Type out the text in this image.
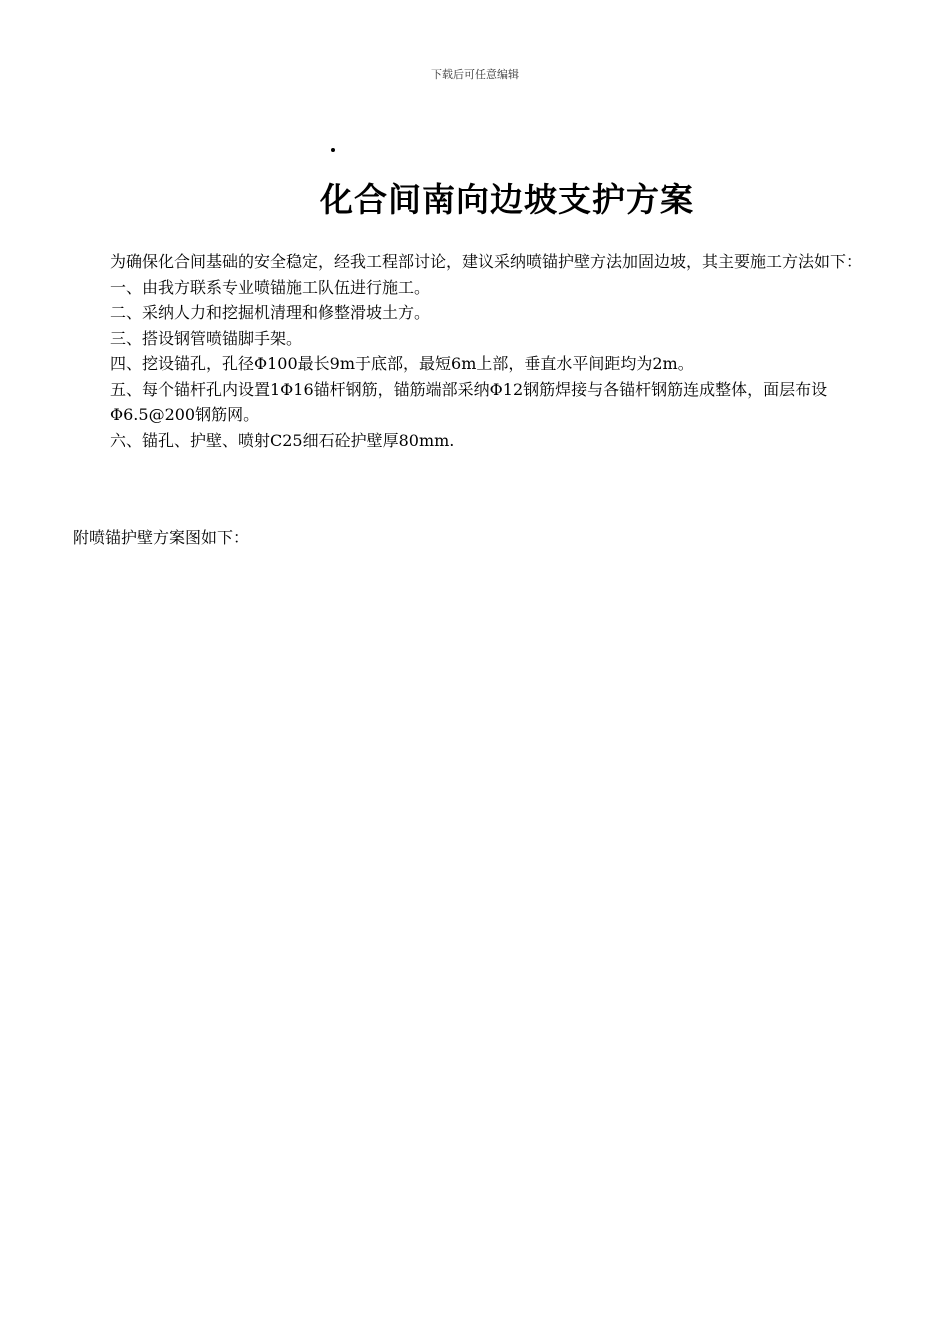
下载后可任意编辑
化合间南向边坡支护方案

为确保化合间基础的安全稳定，经我工程部讨论，建议采纳喷锚护壁方法加固边坡，其主要施工方法如下：

一、由我方联系专业喷锚施工队伍进行施工。
二、采纳人力和挖掘机清理和修整滑坡土方。
三、搭设钢管喷锚脚手架。
四、挖设锚孔，孔径Φ100最长9m于底部，最短6m上部，垂直水平间距均为2m。
五、每个锚杆孔内设置1Φ16锚杆钢筋，锚筋端部采纳Φ12钢筋焊接与各锚杆钢筋连成整体，面层布设Φ6.5@200钢筋网。
六、锚孔、护壁、喷射C25细石砼护壁厚80mm.
附喷锚护壁方案图如下：
